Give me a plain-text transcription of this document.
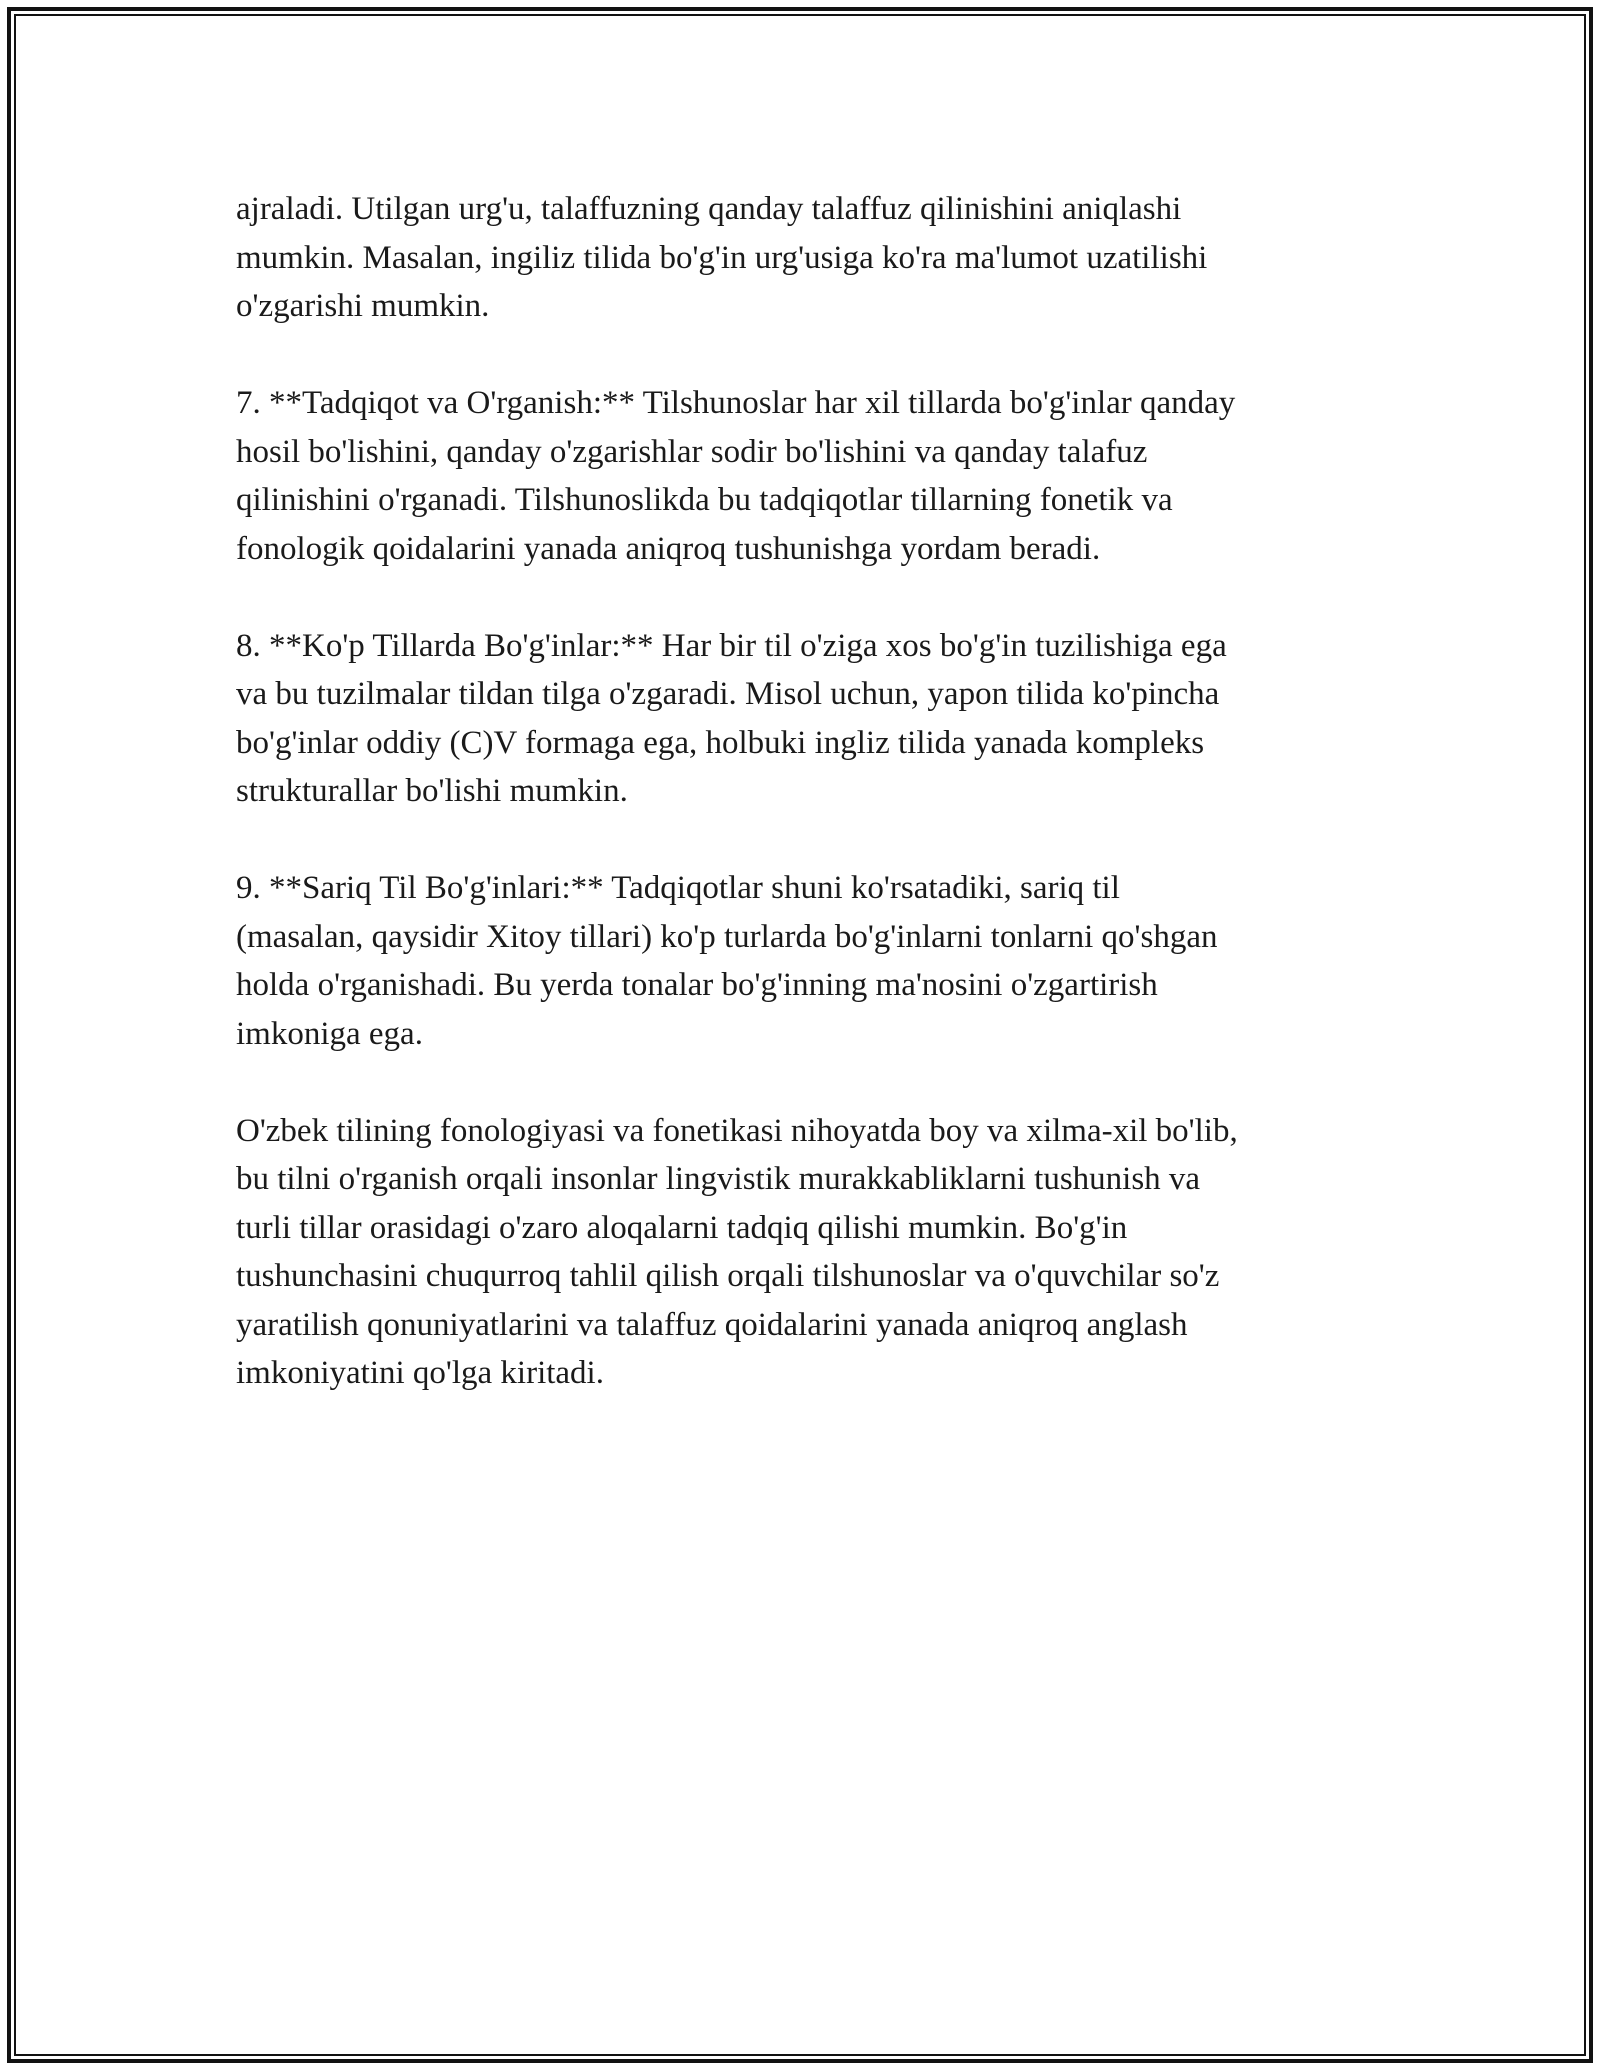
ajraladi. Utilgan urg'u, talaffuzning qanday talaffuz qilinishini aniqlashi
mumkin. Masalan, ingiliz tilida bo'g'in urg'usiga ko'ra ma'lumot uzatilishi
o'zgarishi mumkin.

7. **Tadqiqot va O'rganish:** Tilshunoslar har xil tillarda bo'g'inlar qanday
hosil bo'lishini, qanday o'zgarishlar sodir bo'lishini va qanday talafuz
qilinishini o'rganadi. Tilshunoslikda bu tadqiqotlar tillarning fonetik va
fonologik qoidalarini yanada aniqroq tushunishga yordam beradi.

8. **Ko'p Tillarda Bo'g'inlar:** Har bir til o'ziga xos bo'g'in tuzilishiga ega
va bu tuzilmalar tildan tilga o'zgaradi. Misol uchun, yapon tilida ko'pincha
bo'g'inlar oddiy (C)V formaga ega, holbuki ingliz tilida yanada kompleks
strukturallar bo'lishi mumkin.

9. **Sariq Til Bo'g'inlari:** Tadqiqotlar shuni ko'rsatadiki, sariq til
(masalan, qaysidir Xitoy tillari) ko'p turlarda bo'g'inlarni tonlarni qo'shgan
holda o'rganishadi. Bu yerda tonalar bo'g'inning ma'nosini o'zgartirish
imkoniga ega.

O'zbek tilining fonologiyasi va fonetikasi nihoyatda boy va xilma-xil bo'lib,
bu tilni o'rganish orqali insonlar lingvistik murakkabliklarni tushunish va
turli tillar orasidagi o'zaro aloqalarni tadqiq qilishi mumkin. Bo'g'in
tushunchasini chuqurroq tahlil qilish orqali tilshunoslar va o'quvchilar so'z
yaratilish qonuniyatlarini va talaffuz qoidalarini yanada aniqroq anglash
imkoniyatini qo'lga kiritadi.
